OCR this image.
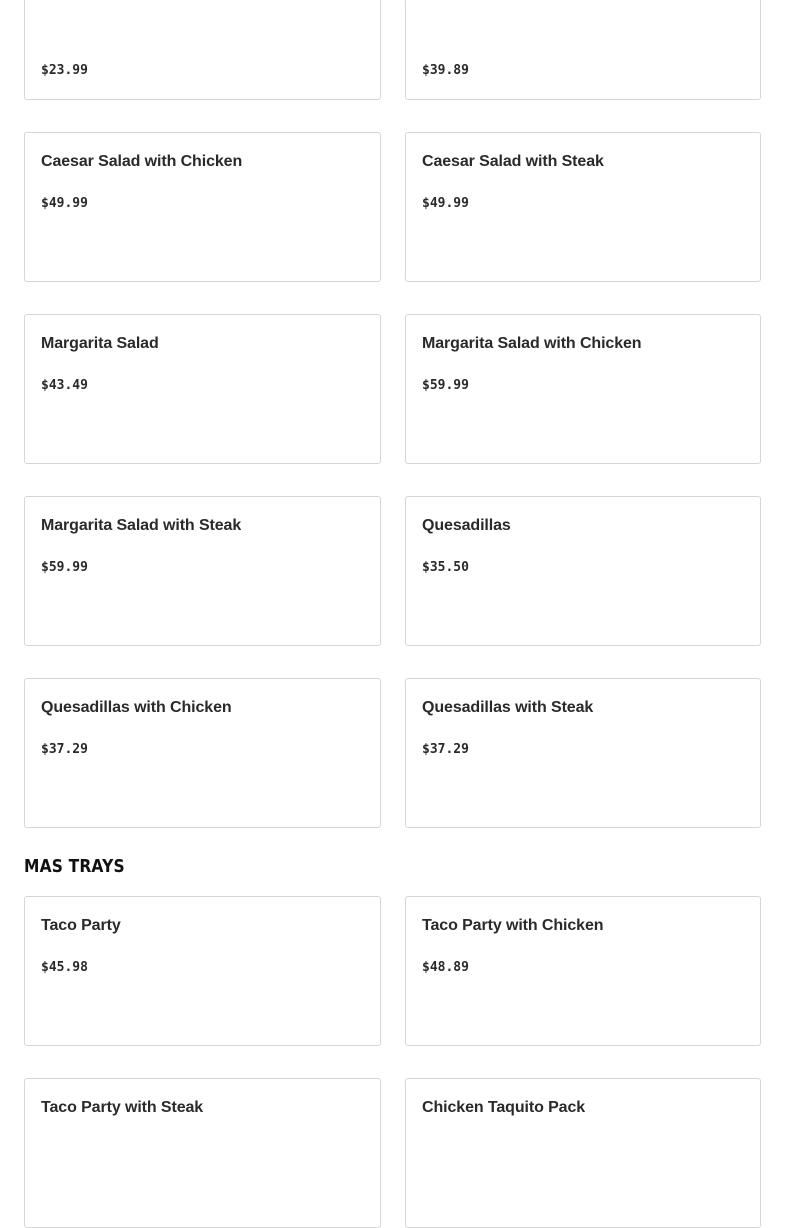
$23.99	$39.89
Caesar Salad with Chicken
$49.99
Caesar Salad with Steak
$49.99
Margarita Salad
$43.49
Margarita Salad with Chicken
$59.99
Margarita Salad with Steak
$59.99
Quesadillas
$35.50
Quesadillas with Chicken
$37.29
Quesadillas with Steak
$37.29
MAS TRAYS
Taco Party
$45.98
Taco Party with Chicken
$48.89
Taco Party with Steak	Chicken Taquito Pack
